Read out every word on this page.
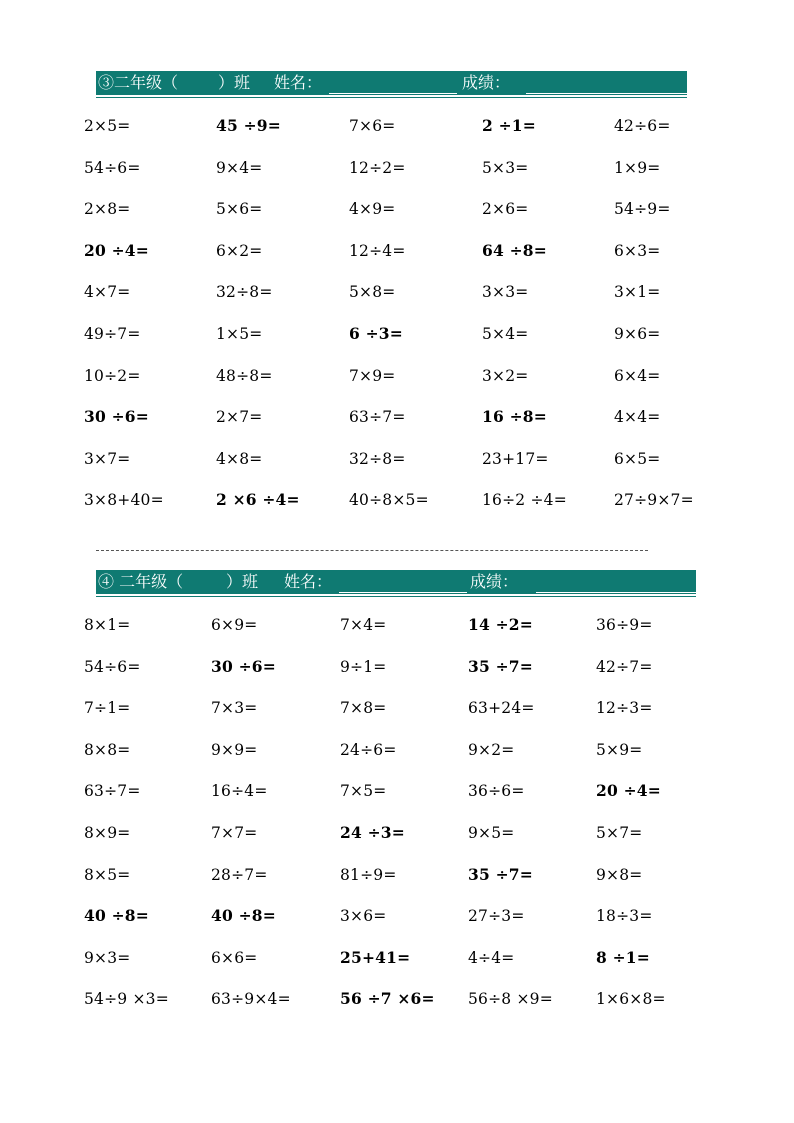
③二年级（ ）班 姓名：	成绩：
2×5=	45 ÷9=	7×6=	2 ÷1=	42÷6=
54÷6=	9×4=	12÷2=	5×3=	1×9=
2×8=	5×6=	4×9=	2×6=	54÷9=
20 ÷4=	6×2=	12÷4=	64 ÷8=	6×3=
4×7=	32÷8=	5×8=	3×3=	3×1=
49÷7=	1×5=	6 ÷3=	5×4=	9×6=
10÷2=	48÷8=	7×9=	3×2=	6×4=
30 ÷6=	2×7=	63÷7=	16 ÷8=	4×4=
3×7=	4×8=	32÷8=	23+17=	6×5=
3×8+40=	2 ×6 ÷4=	40÷8×5=	16÷2 ÷4=	27÷9×7=
④ 二年级（	）班 姓名：	成绩：
8×1=	6×9=	7×4=	14 ÷2=	36÷9=
54÷6=	30 ÷6=	9÷1=	35 ÷7=	42÷7=
7÷1=	7×3=	7×8=	63+24=	12÷3=
8×8=	9×9=	24÷6=	9×2=	5×9=
63÷7=	16÷4=	7×5=	36÷6=	20 ÷4=
8×9=	7×7=	24 ÷3=	9×5=	5×7=
8×5=	28÷7=	81÷9=	35 ÷7=	9×8=
40 ÷8=	40 ÷8=	3×6=	27÷3=	18÷3=
9×3=	6×6=	25+41=	4÷4=	8 ÷1=
54÷9 ×3=	63÷9×4=	56 ÷7 ×6= 56÷8 ×9=	1×6×8=
